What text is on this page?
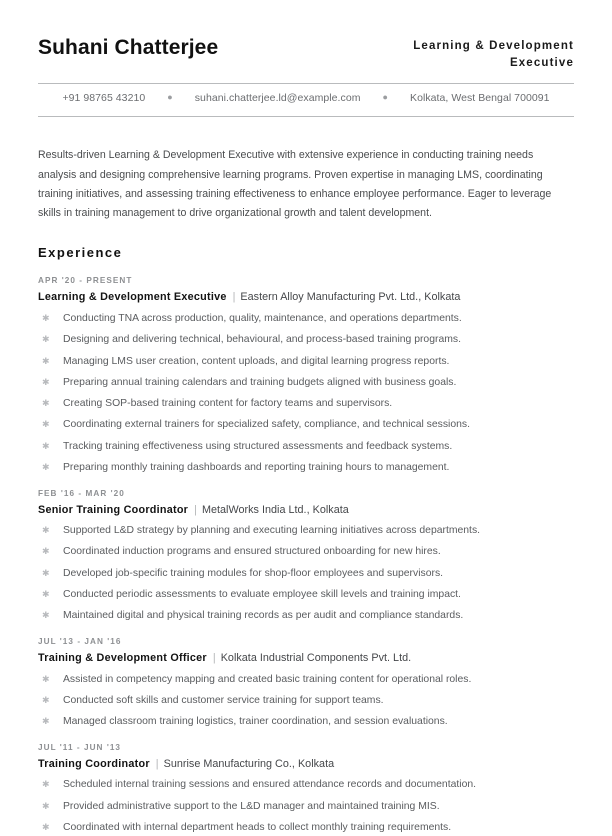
Suhani Chatterjee	Learning & Development
Executive
+91 98765 43210	●	suhani.chatterjee.ld@example.com	●	Kolkata, West Bengal 700091

Results-driven Learning & Development Executive with extensive experience in conducting training needs analysis and designing comprehensive learning programs. Proven expertise in managing LMS, coordinating training initiatives, and assessing training effectiveness to enhance employee performance. Eager to leverage skills in training management to drive organizational growth and talent development.

Experience
APR '20 - PRESENT
Learning & Development Executive | Eastern Alloy Manufacturing Pvt. Ltd., Kolkata
✱ Conducting TNA across production, quality, maintenance, and operations departments.
✱ Designing and delivering technical, behavioural, and process-based training programs.
✱ Managing LMS user creation, content uploads, and digital learning progress reports.
✱ Preparing annual training calendars and training budgets aligned with business goals.
✱ Creating SOP-based training content for factory teams and supervisors.
✱ Coordinating external trainers for specialized safety, compliance, and technical sessions.
✱ Tracking training effectiveness using structured assessments and feedback systems.
✱ Preparing monthly training dashboards and reporting training hours to management.
FEB '16 - MAR '20
Senior Training Coordinator | MetalWorks India Ltd., Kolkata
✱ Supported L&D strategy by planning and executing learning initiatives across departments.
✱ Coordinated induction programs and ensured structured onboarding for new hires.
✱ Developed job-specific training modules for shop-floor employees and supervisors.
✱ Conducted periodic assessments to evaluate employee skill levels and training impact.
✱ Maintained digital and physical training records as per audit and compliance standards.
JUL '13 - JAN '16
Training & Development Officer | Kolkata Industrial Components Pvt. Ltd.
✱ Assisted in competency mapping and created basic training content for operational roles.
✱ Conducted soft skills and customer service training for support teams.
✱ Managed classroom training logistics, trainer coordination, and session evaluations.
JUL '11 - JUN '13
Training Coordinator | Sunrise Manufacturing Co., Kolkata
✱ Scheduled internal training sessions and ensured attendance records and documentation.
✱ Provided administrative support to the L&D manager and maintained training MIS.
✱ Coordinated with internal department heads to collect monthly training requirements.
